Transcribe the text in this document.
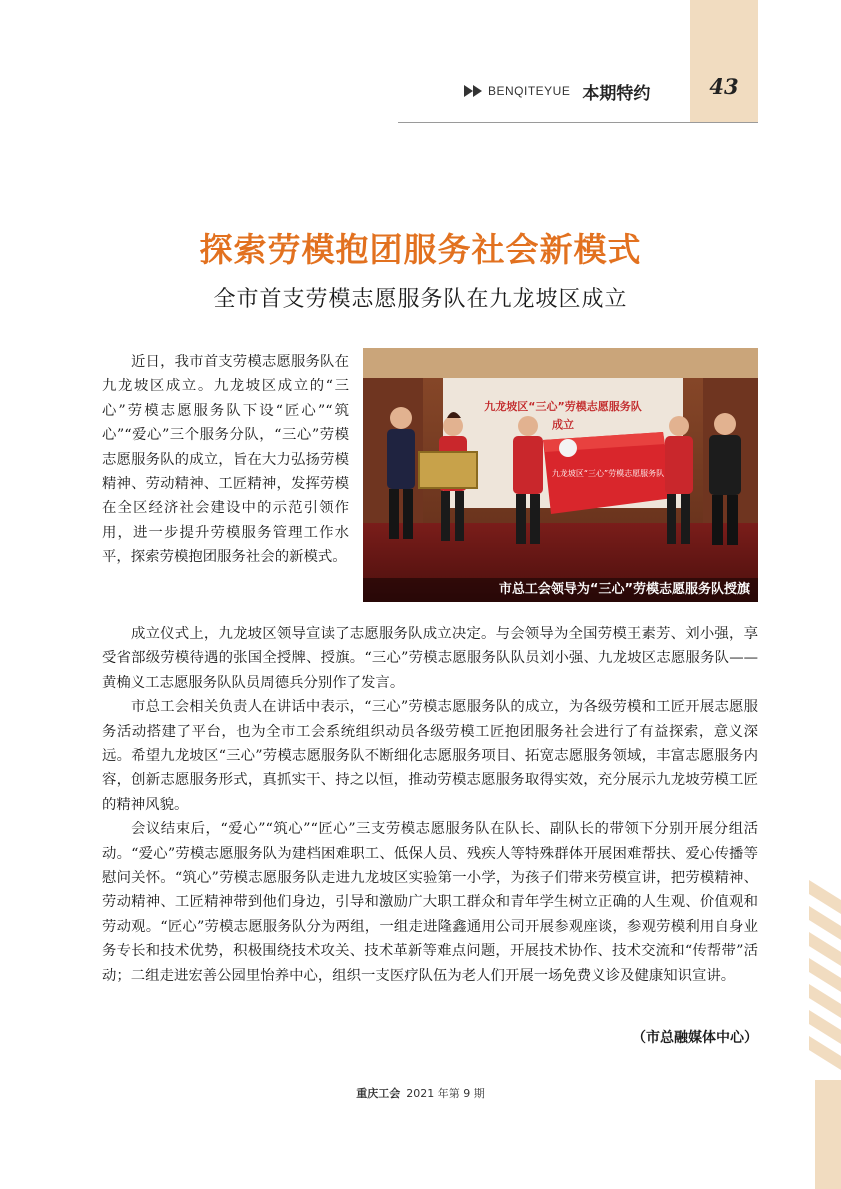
43
BENQITEYUE 本期特约
探索劳模抱团服务社会新模式
全市首支劳模志愿服务队在九龙坡区成立
九龙坡区“三心”劳模志愿服务队
成立
九龙坡区“三心”劳模志愿服务队
市总工会领导为“三心”劳模志愿服务队授旗

近日，我市首支劳模志愿服务队在九龙坡区成立。九龙坡区成立的“三心”劳模志愿服务队下设“匠心”“筑心”“爱心”三个服务分队，“三心”劳模志愿服务队的成立，旨在大力弘扬劳模精神、劳动精神、工匠精神，发挥劳模在全区经济社会建设中的示范引领作用，进一步提升劳模服务管理工作水平，探索劳模抱团服务社会的新模式。

成立仪式上，九龙坡区领导宣读了志愿服务队成立决定。与会领导为全国劳模王素芳、刘小强，享受省部级劳模待遇的张国全授牌、授旗。“三心”劳模志愿服务队队员刘小强、九龙坡区志愿服务队——黄桷义工志愿服务队队员周德兵分别作了发言。

市总工会相关负责人在讲话中表示，“三心”劳模志愿服务队的成立，为各级劳模和工匠开展志愿服务活动搭建了平台，也为全市工会系统组织动员各级劳模工匠抱团服务社会进行了有益探索，意义深远。希望九龙坡区“三心”劳模志愿服务队不断细化志愿服务项目、拓宽志愿服务领域，丰富志愿服务内容，创新志愿服务形式，真抓实干、持之以恒，推动劳模志愿服务取得实效，充分展示九龙坡劳模工匠的精神风貌。

会议结束后，“爱心”“筑心”“匠心”三支劳模志愿服务队在队长、副队长的带领下分别开展分组活动。“爱心”劳模志愿服务队为建档困难职工、低保人员、残疾人等特殊群体开展困难帮扶、爱心传播等慰问关怀。“筑心”劳模志愿服务队走进九龙坡区实验第一小学，为孩子们带来劳模宣讲，把劳模精神、劳动精神、工匠精神带到他们身边，引导和激励广大职工群众和青年学生树立正确的人生观、价值观和劳动观。“匠心”劳模志愿服务队分为两组，一组走进隆鑫通用公司开展参观座谈，参观劳模利用自身业务专长和技术优势，积极围绕技术攻关、技术革新等难点问题，开展技术协作、技术交流和“传帮带”活动；二组走进宏善公园里怡养中心，组织一支医疗队伍为老人们开展一场免费义诊及健康知识宣讲。

（市总融媒体中心）
重庆工会 2021 年第 9 期
